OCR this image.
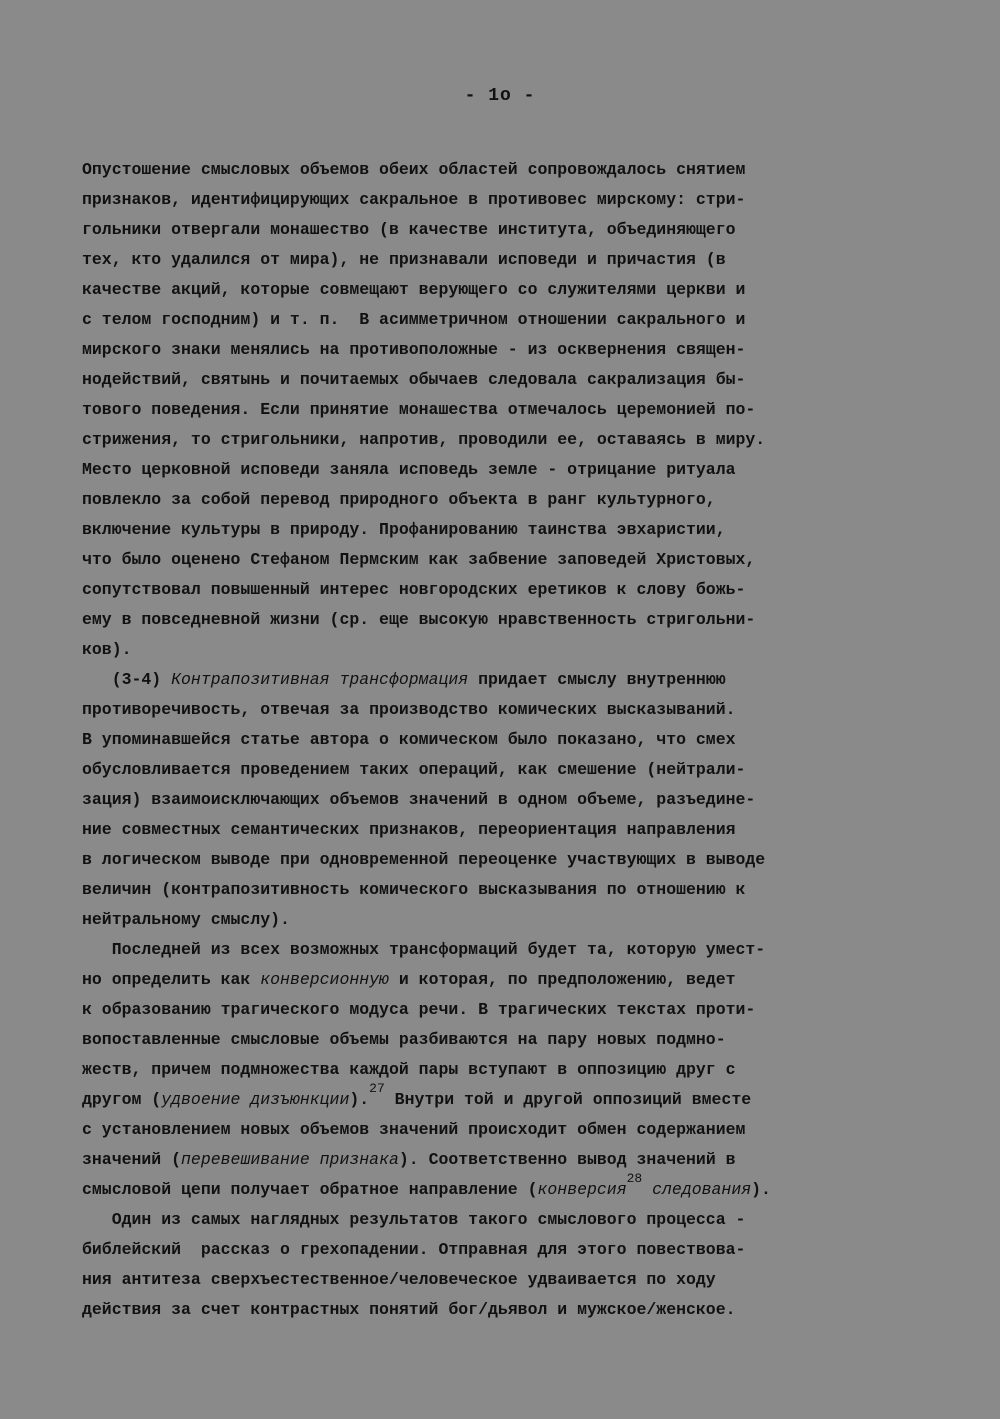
- 1o -
Опустошение смысловых объемов обеих областей сопровождалось снятием
признаков, идентифицирующих сакральное в противовес мирскому: стри-
гольники отвергали монашество (в качестве института, объединяющего
тех, кто удалился от мира), не признавали исповеди и причастия (в
качестве акций, которые совмещают верующего со служителями церкви и
с телом господним) и т. п.  В асимметричном отношении сакрального и
мирского знаки менялись на противоположные - из осквернения священ-
нодействий, святынь и почитаемых обычаев следовала сакрализация бы-
тового поведения. Если принятие монашества отмечалось церемонией по-
стрижения, то стригольники, напротив, проводили ее, оставаясь в миру.
Место церковной исповеди заняла исповедь земле - отрицание ритуала
повлекло за собой перевод природного объекта в ранг культурного,
включение культуры в природу. Профанированию таинства эвхаристии,
что было оценено Стефаном Пермским как забвение заповедей Христовых,
сопутствовал повышенный интерес новгородских еретиков к слову божь-
ему в повседневной жизни (ср. еще высокую нравственность стригольни-
ков).
(3-4) Контрапозитивная трансформация придает смыслу внутреннюю
противоречивость, отвечая за производство комических высказываний.
В упоминавшейся статье автора о комическом было показано, что смех
обусловливается проведением таких операций, как смешение (нейтрали-
зация) взаимоисключающих объемов значений в одном объеме, разъедине-
ние совместных семантических признаков, переориентация направления
в логическом выводе при одновременной переоценке участвующих в выводе
величин (контрапозитивность комического высказывания по отношению к
нейтральному смыслу).
Последней из всех возможных трансформаций будет та, которую умест-
но определить как конверсионную и которая, по предположению, ведет
к образованию трагического модуса речи. В трагических текстах проти-
вопоставленные смысловые объемы разбиваются на пару новых подмно-
жеств, причем подмножества каждой пары вступают в оппозицию друг с
другом (удвоение дизъюнкции).$^{27}$ Внутри той и другой оппозиций вместе
с установлением новых объемов значений происходит обмен содержанием
значений (перевешивание признака). Соответственно вывод значений в
смысловой цепи получает обратное направление (конверсия$^{28}$ следования).
Один из самых наглядных результатов такого смыслового процесса -
библейский  рассказ о грехопадении. Отправная для этого повествова-
ния антитеза сверхъестественное/человеческое удваивается по ходу
действия за счет контрастных понятий бог/дьявол и мужское/женское.
